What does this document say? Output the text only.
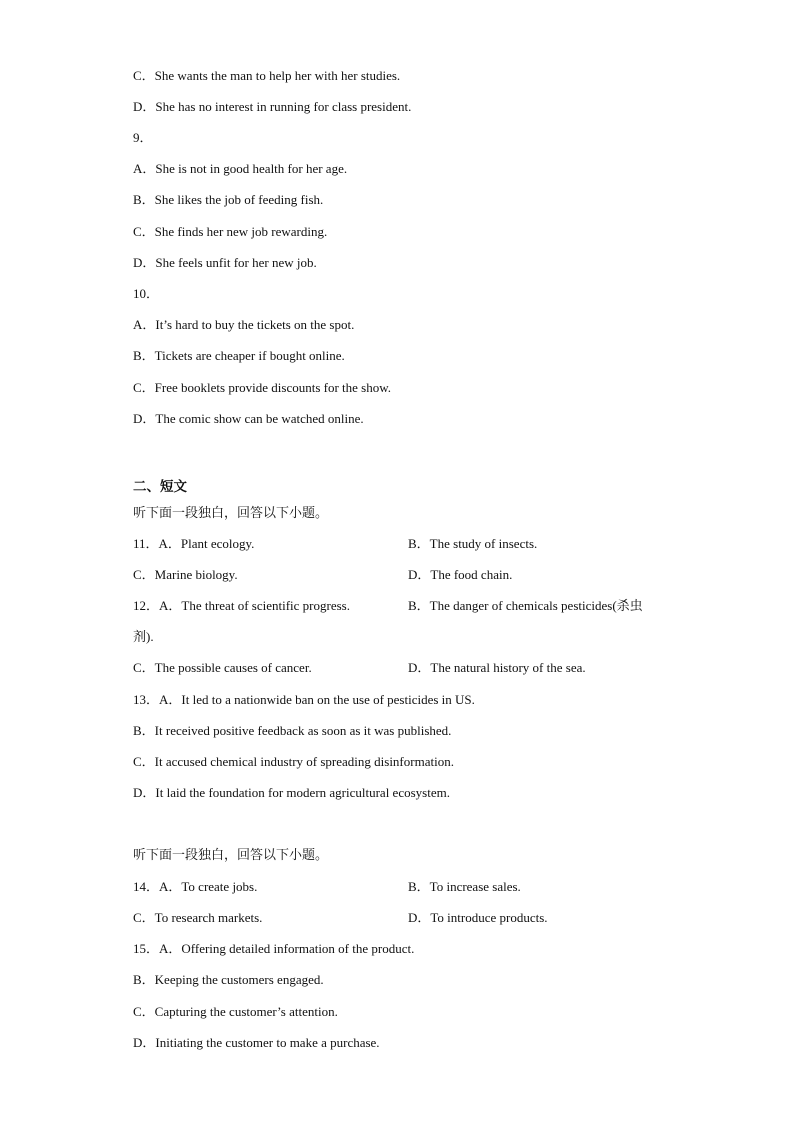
C．She wants the man to help her with her studies.
D．She has no interest in running for class president.
9．
A．She is not in good health for her age.
B．She likes the job of feeding fish.
C．She finds her new job rewarding.
D．She feels unfit for her new job.
10．
A．It’s hard to buy the tickets on the spot.
B．Tickets are cheaper if bought online.
C．Free booklets provide discounts for the show.
D．The comic show can be watched online.
二、短文
听下面一段独白，回答以下小题。
11．A．Plant ecology.	B．The study of insects.
C．Marine biology.	D．The food chain.
12．A．The threat of scientific progress.	B．The danger of chemicals pesticides(杀虫
剂).
C．The possible causes of cancer.	D．The natural history of the sea.
13．A．It led to a nationwide ban on the use of pesticides in US.
B．It received positive feedback as soon as it was published.
C．It accused chemical industry of spreading disinformation.
D．It laid the foundation for modern agricultural ecosystem.
听下面一段独白，回答以下小题。
14．A．To create jobs.	B．To increase sales.
C．To research markets.	D．To introduce products.
15．A．Offering detailed information of the product.
B．Keeping the customers engaged.
C．Capturing the customer’s attention.
D．Initiating the customer to make a purchase.
